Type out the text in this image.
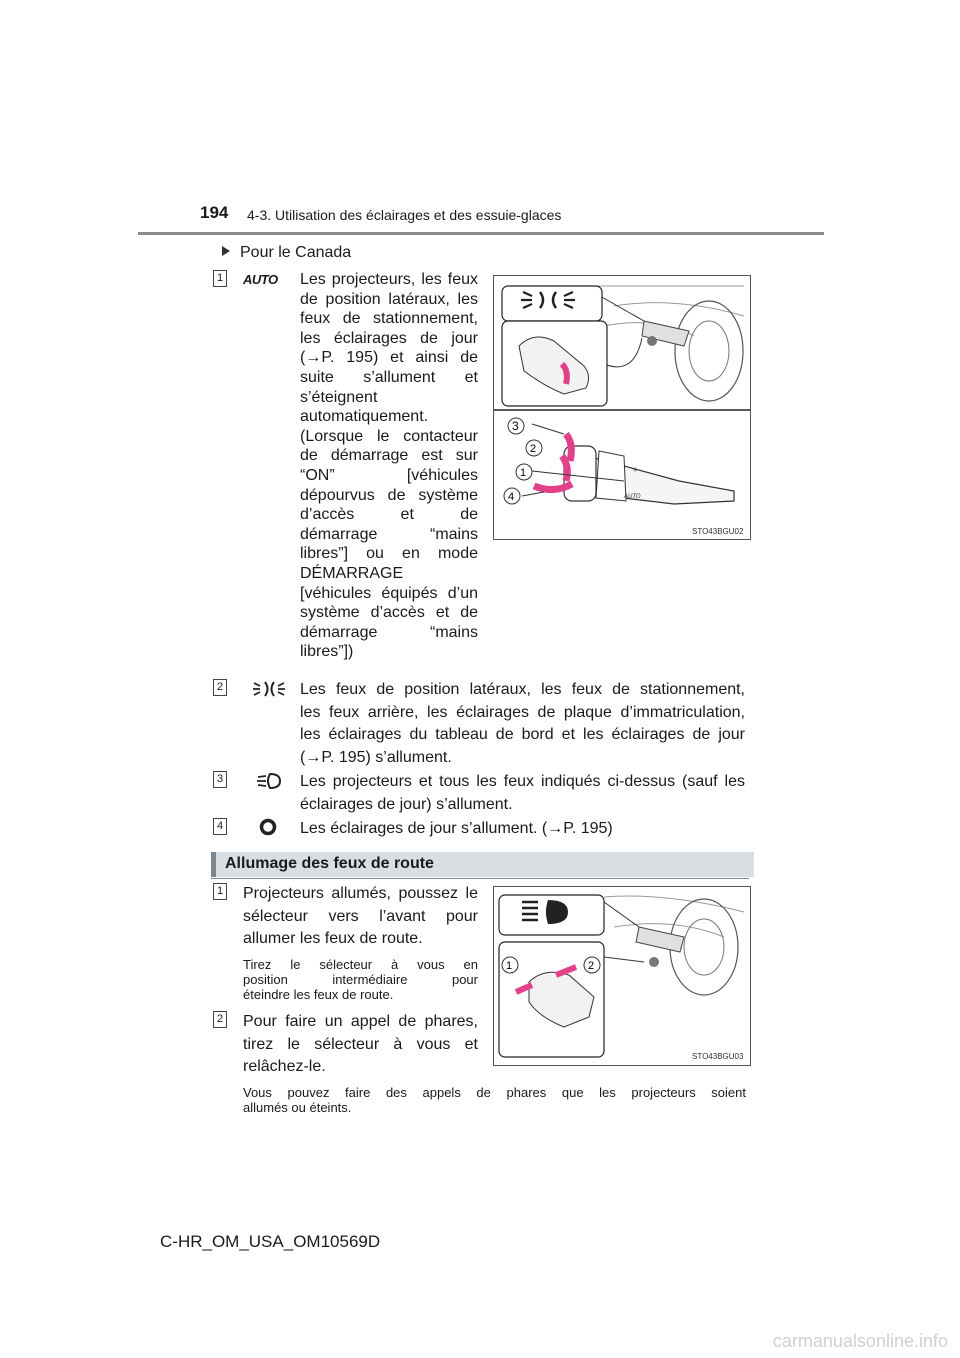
194 4-3. Utilisation des éclairages et des essuie-glaces
Pour le Canada
1	AUTO Les projecteurs, les feux
de position latéraux, les
feux de stationnement,
les éclairages de jour
(→P. 195) et ainsi de
suite s’allument et
s’éteignent
automatiquement.
(Lorsque le contacteur
de démarrage est sur
“ON” [véhicules
dépourvus de système
d’accès et de
démarrage “mains
libres”] ou en mode
DÉMARRAGE
[véhicules équipés d’un
système d’accès et de
démarrage “mains
libres”])
☀
AUTO
3
2
1
4
STO43BGU02
2	Les feux de position latéraux, les feux de stationnement,
les feux arrière, les éclairages de plaque d’immatriculation,
les éclairages du tableau de bord et les éclairages de jour
(→P. 195) s’allument.
3	Les projecteurs et tous les feux indiqués ci-dessus (sauf les
éclairages de jour) s’allument.
4	Les éclairages de jour s’allument. (→P. 195)
Allumage des feux de route
1 Projecteurs allumés, poussez le
sélecteur vers l’avant pour
allumer les feux de route.
Tirez le sélecteur à vous en
position intermédiaire pour
éteindre les feux de route.
2 Pour faire un appel de phares,
tirez le sélecteur à vous et
relâchez-le.
Vous pouvez faire des appels de phares que les projecteurs soient
allumés ou éteints.
1	2
STO43BGU03
C-HR_OM_USA_OM10569D
carmanualsonline.info
